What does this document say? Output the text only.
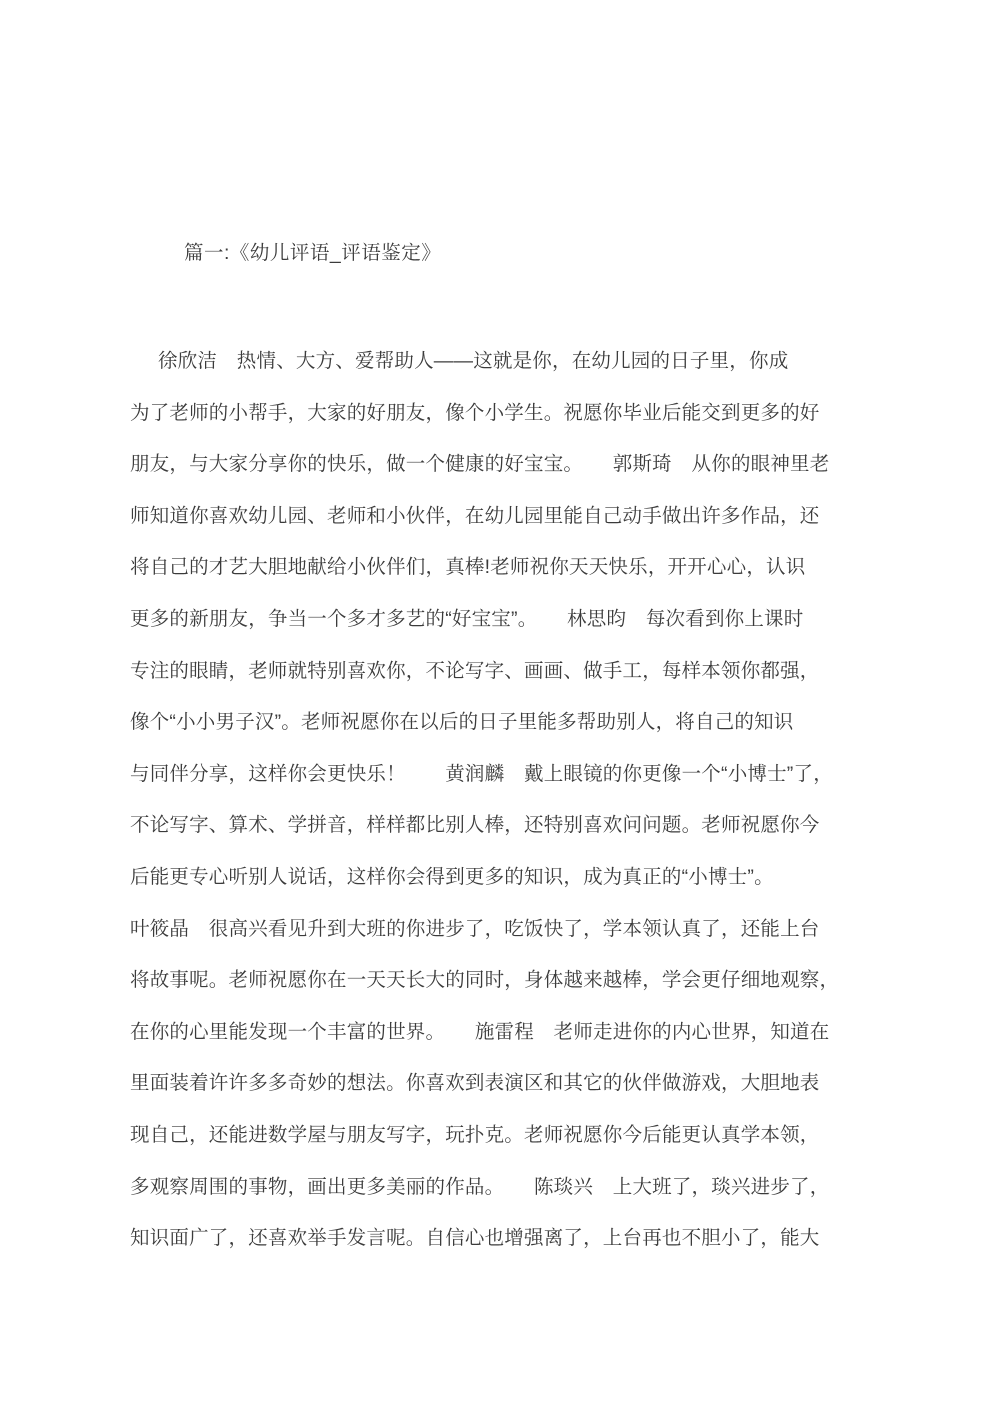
篇一:《幼儿评语_评语鉴定》
徐欣洁　热情、大方、爱帮助人——这就是你，在幼儿园的日子里，你成
为了老师的小帮手，大家的好朋友，像个小学生。祝愿你毕业后能交到更多的好
朋友，与大家分享你的快乐，做一个健康的好宝宝。　　郭斯琦　从你的眼神里老
师知道你喜欢幼儿园、老师和小伙伴，在幼儿园里能自己动手做出许多作品，还
将自己的才艺大胆地献给小伙伴们，真棒!老师祝你天天快乐，开开心心，认识
更多的新朋友，争当一个多才多艺的“好宝宝”。　　林思昀　每次看到你上课时
专注的眼睛，老师就特别喜欢你，不论写字、画画、做手工，每样本领你都强，
像个“小小男子汉”。老师祝愿你在以后的日子里能多帮助别人，将自己的知识
与同伴分享，这样你会更快乐！　　黄润麟　戴上眼镜的你更像一个“小博士”了，
不论写字、算术、学拼音，样样都比别人棒，还特别喜欢问问题。老师祝愿你今
后能更专心听别人说话，这样你会得到更多的知识，成为真正的“小博士”。
叶筱晶　很高兴看见升到大班的你进步了，吃饭快了，学本领认真了，还能上台
将故事呢。老师祝愿你在一天天长大的同时，身体越来越棒，学会更仔细地观察，
在你的心里能发现一个丰富的世界。　　施雷程　老师走进你的内心世界，知道在
里面装着许许多多奇妙的想法。你喜欢到表演区和其它的伙伴做游戏，大胆地表
现自己，还能进数学屋与朋友写字，玩扑克。老师祝愿你今后能更认真学本领，
多观察周围的事物，画出更多美丽的作品。　　陈琰兴　上大班了，琰兴进步了，
知识面广了，还喜欢举手发言呢。自信心也增强离了，上台再也不胆小了，能大
